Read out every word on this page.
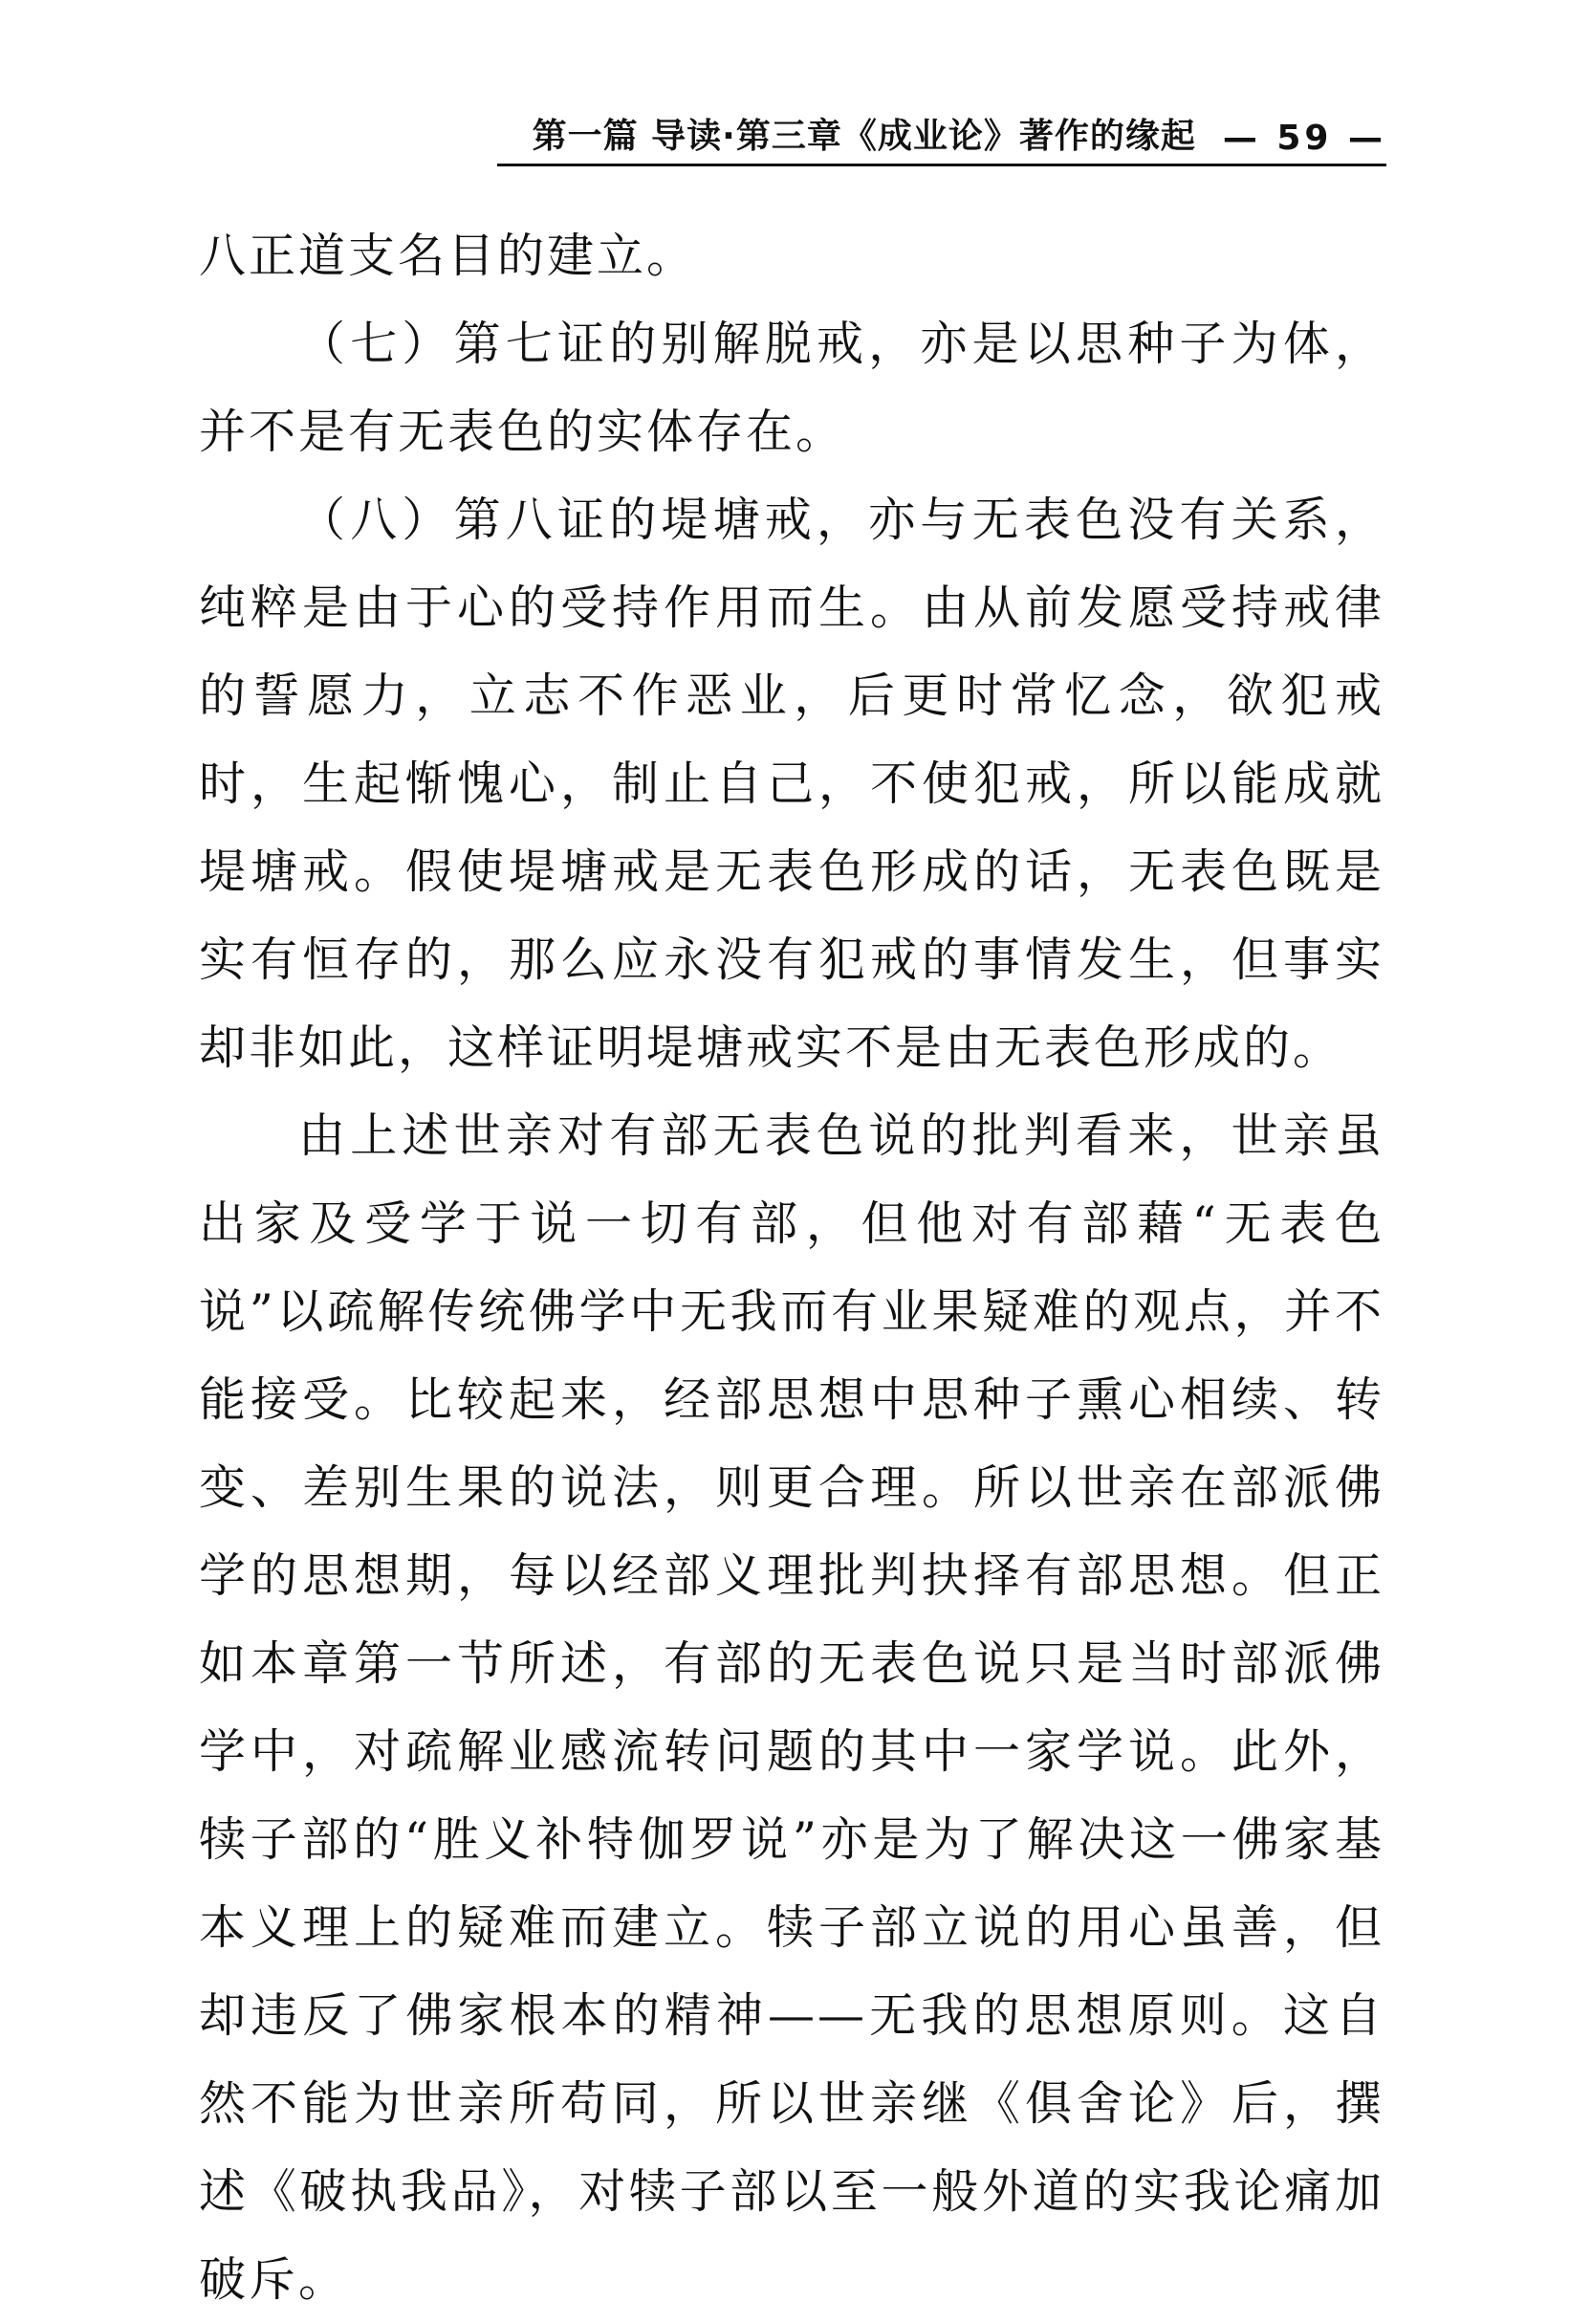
第一篇 导读·第三章《成业论》著作的缘起 — 59 —

八正道支名目的建立。

（七）第七证的别解脱戒，亦是以思种子为体，并不是有无表色的实体存在。

（八）第八证的堤塘戒，亦与无表色没有关系，纯粹是由于心的受持作用而生。由从前发愿受持戒律的誓愿力，立志不作恶业，后更时常忆念，欲犯戒时，生起惭愧心，制止自己，不使犯戒，所以能成就堤塘戒。假使堤塘戒是无表色形成的话，无表色既是实有恒存的，那么应永没有犯戒的事情发生，但事实却非如此，这样证明堤塘戒实不是由无表色形成的。

由上述世亲对有部无表色说的批判看来，世亲虽出家及受学于说一切有部，但他对有部藉“无表色说”以疏解传统佛学中无我而有业果疑难的观点，并不能接受。比较起来，经部思想中思种子熏心相续、转变、差别生果的说法，则更合理。所以世亲在部派佛学的思想期，每以经部义理批判抉择有部思想。但正如本章第一节所述，有部的无表色说只是当时部派佛学中，对疏解业感流转问题的其中一家学说。此外，犊子部的“胜义补特伽罗说”亦是为了解决这一佛家基本义理上的疑难而建立。犊子部立说的用心虽善，但却违反了佛家根本的精神——无我的思想原则。这自然不能为世亲所苟同，所以世亲继《俱舍论》后，撰述《破执我品》，对犊子部以至一般外道的实我论痛加破斥。
